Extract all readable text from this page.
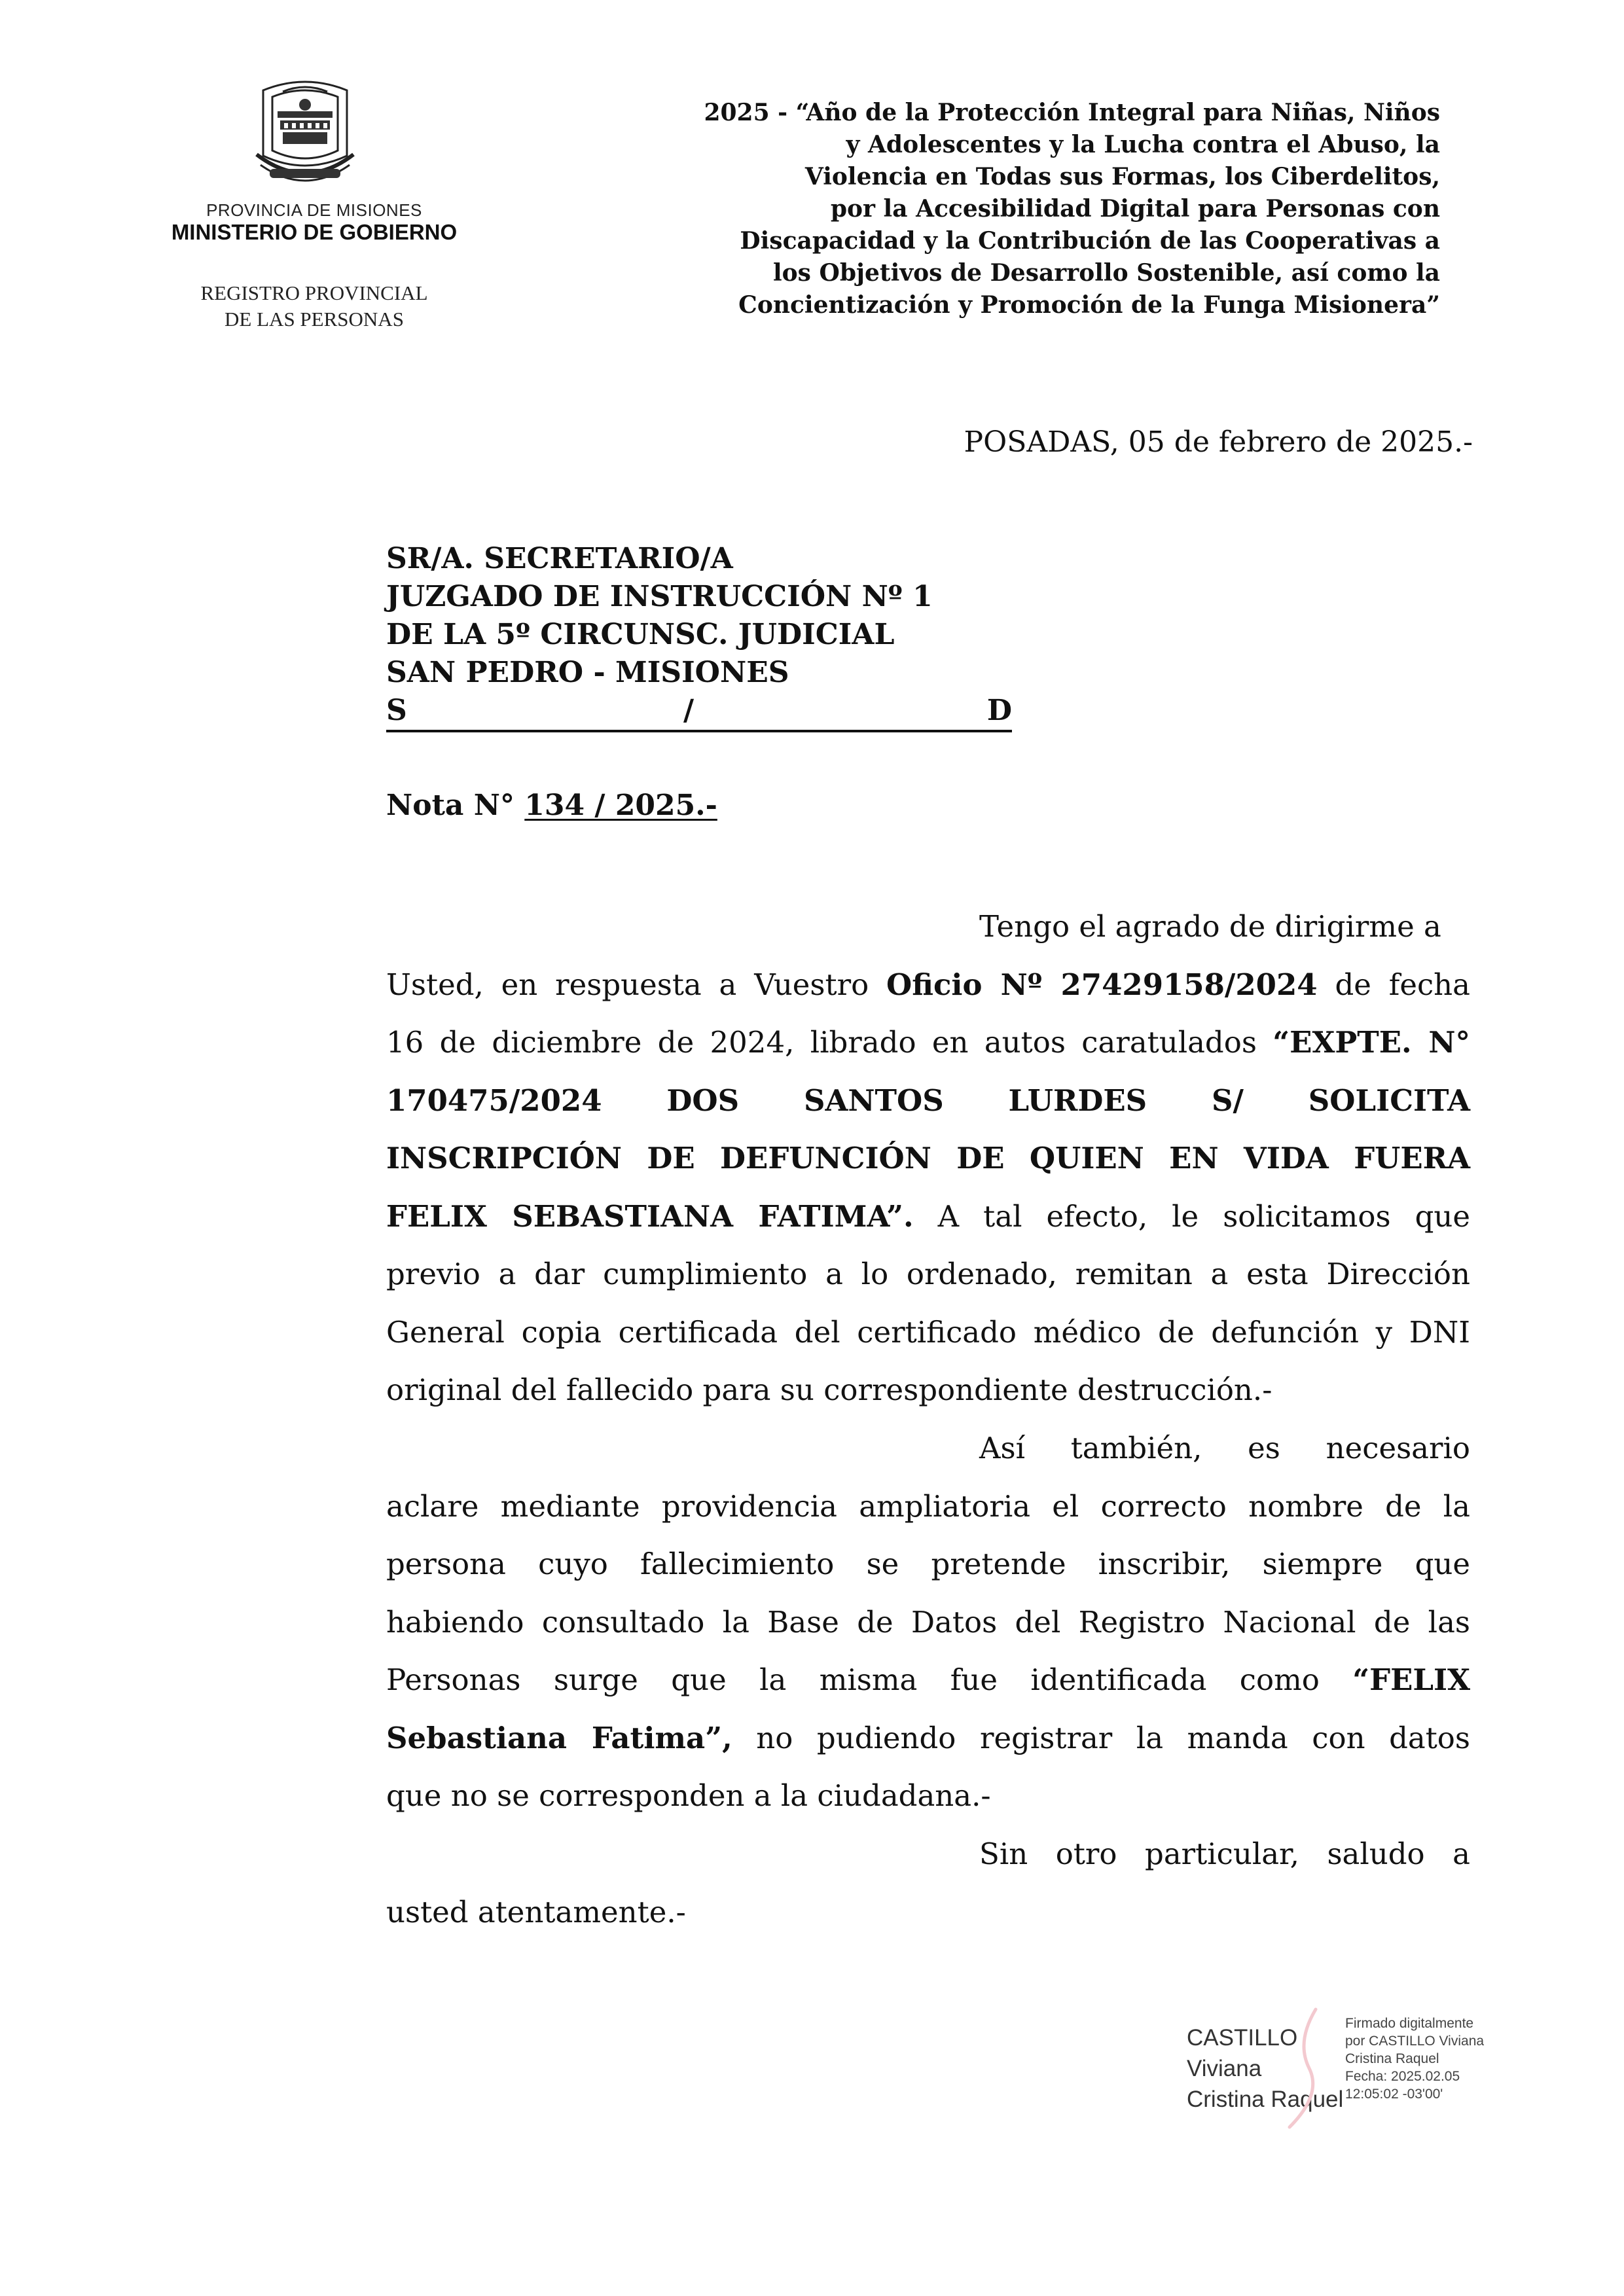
PROVINCIA DE MISIONES
MINISTERIO DE GOBIERNO
REGISTRO PROVINCIAL
DE LAS PERSONAS
2025 - “Año de la Protección Integral para Niñas, Niños
y Adolescentes y la Lucha contra el Abuso, la
Violencia en Todas sus Formas, los Ciberdelitos,
por la Accesibilidad Digital para Personas con
Discapacidad y la Contribución de las Cooperativas a
los Objetivos de Desarrollo Sostenible, así como la
Concientización y Promoción de la Funga Misionera”
POSADAS, 05 de febrero de 2025.-
SR/A. SECRETARIO/A
JUZGADO DE INSTRUCCIÓN Nº 1
DE LA 5º CIRCUNSC. JUDICIAL
SAN PEDRO - MISIONES
S	/	D
Nota N° 134 / 2025.-
Tengo el agrado de dirigirme a
Usted, en respuesta a Vuestro Oficio Nº 27429158/2024 de fecha
16 de diciembre de 2024, librado en autos caratulados “EXPTE. N°
170475/2024 DOS SANTOS LURDES S/ SOLICITA
INSCRIPCIÓN DE DEFUNCIÓN DE QUIEN EN VIDA FUERA
FELIX SEBASTIANA FATIMA”. A tal efecto, le solicitamos que
previo a dar cumplimiento a lo ordenado, remitan a esta Dirección
General copia certificada del certificado médico de defunción y DNI
original del fallecido para su correspondiente destrucción.-
Así también, es necesario
aclare mediante providencia ampliatoria el correcto nombre de la
persona cuyo fallecimiento se pretende inscribir, siempre que
habiendo consultado la Base de Datos del Registro Nacional de las
Personas surge que la misma fue identificada como “FELIX
Sebastiana Fatima”, no pudiendo registrar la manda con datos
que no se corresponden a la ciudadana.-
Sin otro particular, saludo a
usted atentamente.-
CASTILLO
Viviana
Cristina Raquel
Firmado digitalmente
por CASTILLO Viviana
Cristina Raquel
Fecha: 2025.02.05
12:05:02 -03'00'
